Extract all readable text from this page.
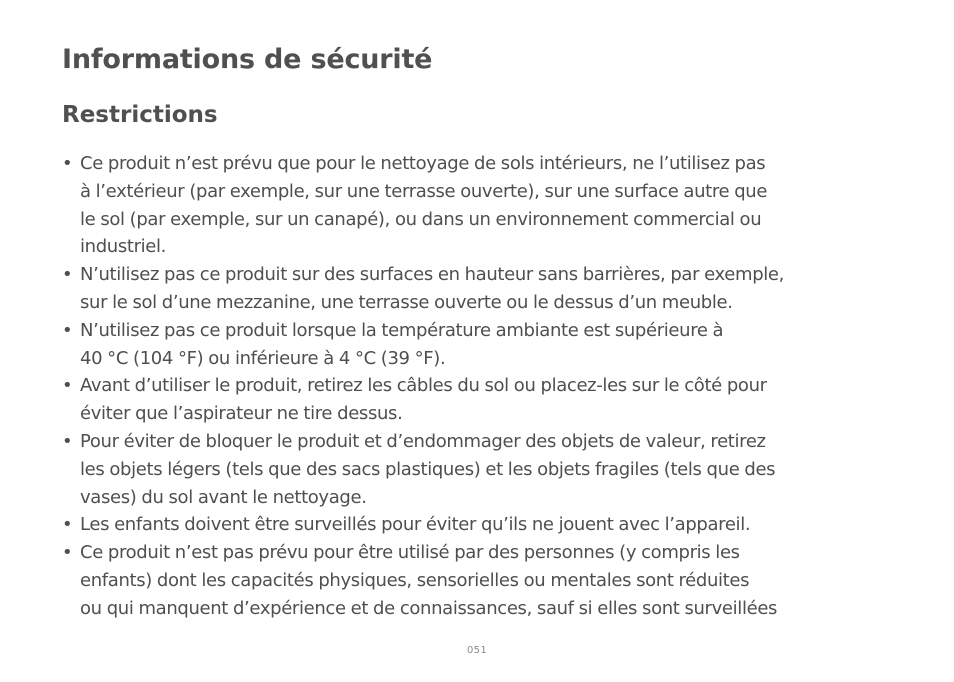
Informations de sécurité
Restrictions
• Ce produit n’est prévu que pour le nettoyage de sols intérieurs, ne l’utilisez pas
à l’extérieur (par exemple, sur une terrasse ouverte), sur une surface autre que
le sol (par exemple, sur un canapé), ou dans un environnement commercial ou
industriel.
• N’utilisez pas ce produit sur des surfaces en hauteur sans barrières, par exemple,
sur le sol d’une mezzanine, une terrasse ouverte ou le dessus d’un meuble.
• N’utilisez pas ce produit lorsque la température ambiante est supérieure à
40 °C (104 °F) ou inférieure à 4 °C (39 °F).
• Avant d’utiliser le produit, retirez les câbles du sol ou placez-les sur le côté pour
éviter que l’aspirateur ne tire dessus.
• Pour éviter de bloquer le produit et d’endommager des objets de valeur, retirez
les objets légers (tels que des sacs plastiques) et les objets fragiles (tels que des
vases) du sol avant le nettoyage.
• Les enfants doivent être surveillés pour éviter qu’ils ne jouent avec l’appareil.
• Ce produit n’est pas prévu pour être utilisé par des personnes (y compris les
enfants) dont les capacités physiques, sensorielles ou mentales sont réduites
ou qui manquent d’expérience et de connaissances, sauf si elles sont surveillées
051
